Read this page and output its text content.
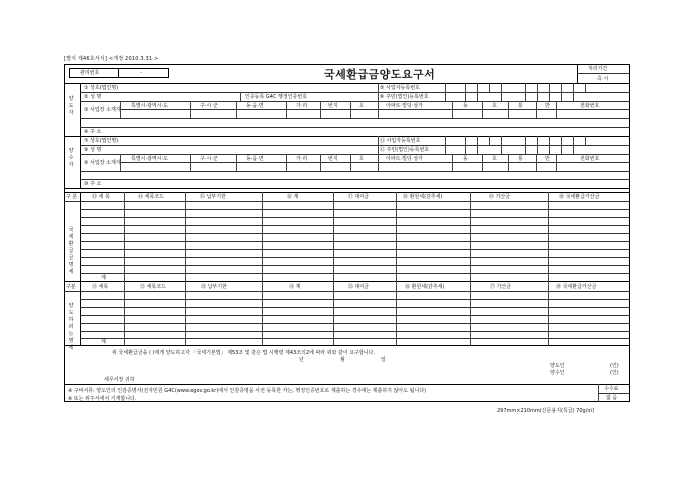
[별지 제46호서식] <개정 2010.3.31.>
관리번호	-	국세환급금양도요구서	처리기간
즉 시
양도자
① 상호(법인명)
② 성 명
③ 사업장 소재지
④ 주 소
⑤ 사업자등록번호
⑥ 주민(법인)등록번호
인증등록 G4C 행정인증번호
특별시·광역시·도	구·시·군	동·읍·면	가·리	번지	호	아파트·빌딩·상가	동	호	통	반	전화번호
양수자
⑦ 상호(법인명)
⑧ 성 명
⑨ 사업장 소재지
⑩ 주 소
⑪ 사업자등록번호
⑫ 주민(법인)등록번호
특별시·광역시·도	구·시·군	동·읍·면	가·리	번지	호	아파트·빌딩·상가	동	호	통	반	전화번호
구 분	⑬ 세 목	⑭ 세목코드	⑮ 납부기한	⑯ 계	⑰ 대여금	⑱ 환원세(감추세)	⑲ 가산금	⑳ 국세환급가산금
국세환급금명세
계
구분	㉑ 세목	㉒ 세목코드	㉓ 납부기한	㉔ 계	㉕ 대여금	㉖ 환원세(감추세)	㉗ 가산금	㉘ 국세환급가산금
양도하려는 명세
계
위 국세환급금을 ( )에게 양도하고자 「국세기본법」 제53조 및 같은 법 시행령 제43조의2에 따라 위와 같이 요구합니다.
년	월	일
양도인	(인)
양수인	(인)
세무서장 귀하
수수료
없 음
※ 구비서류: 양도인의 인감증명서(전자민원 G4C(www.egov.go.kr)에서 인감증명을 사전 등록한 자는, 행정인증번호로 제출하는 경우에는 제출하지 않아도 됩니다)
※ 또는 위주서에서 기재합니다.
297mm×210mm(신문용지(특급) 70g/㎡)
